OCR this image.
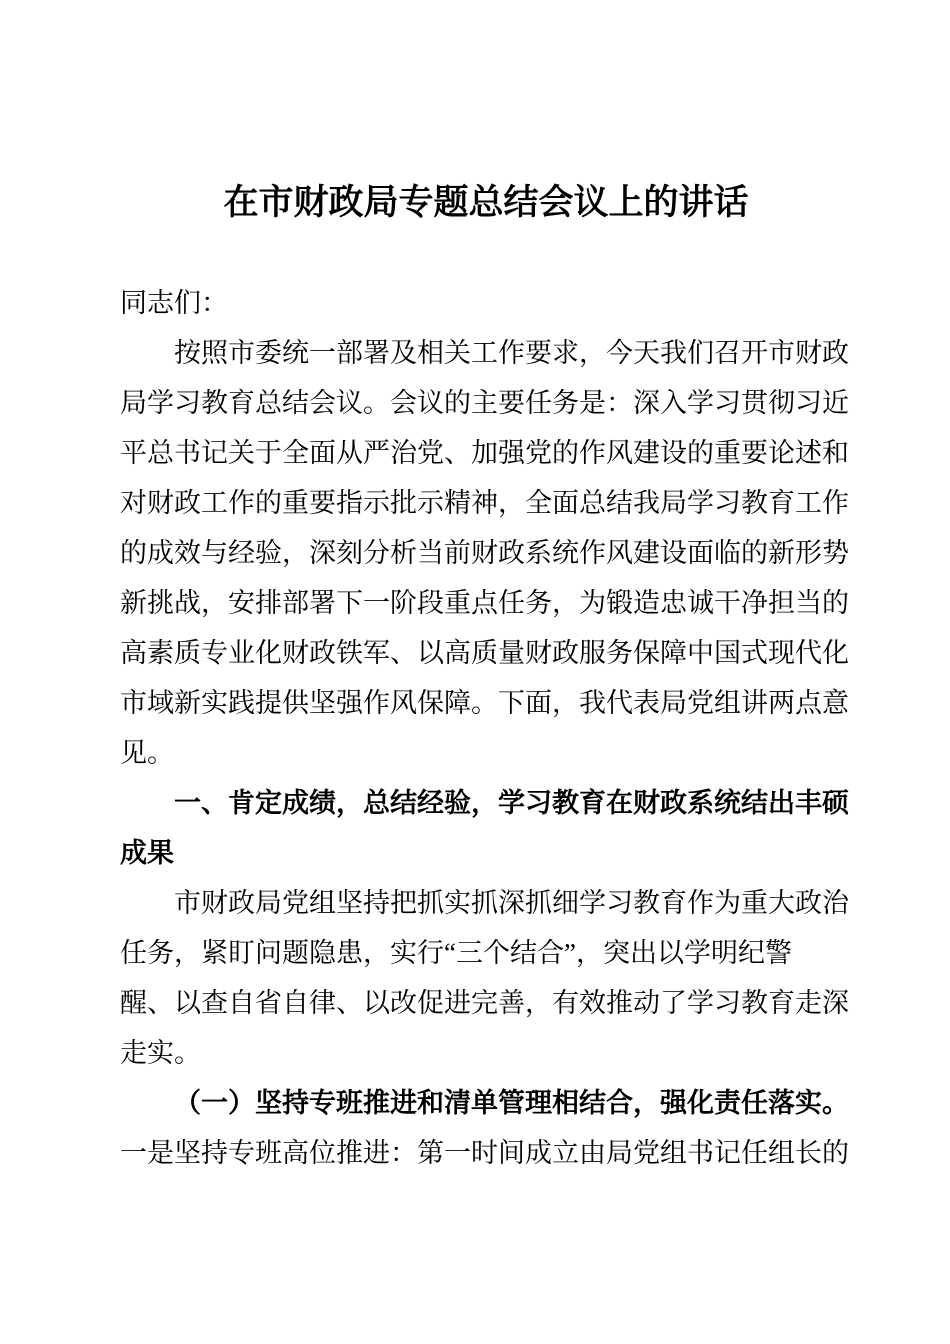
在市财政局专题总结会议上的讲话
同志们：
按照市委统一部署及相关工作要求，今天我们召开市财政
局学习教育总结会议。会议的主要任务是：深入学习贯彻习近
平总书记关于全面从严治党、加强党的作风建设的重要论述和
对财政工作的重要指示批示精神，全面总结我局学习教育工作
的成效与经验，深刻分析当前财政系统作风建设面临的新形势
新挑战，安排部署下一阶段重点任务，为锻造忠诚干净担当的
高素质专业化财政铁军、以高质量财政服务保障中国式现代化
市域新实践提供坚强作风保障。下面，我代表局党组讲两点意
见。
一、肯定成绩，总结经验，学习教育在财政系统结出丰硕
成果
市财政局党组坚持把抓实抓深抓细学习教育作为重大政治
任务，紧盯问题隐患，实行“三个结合”，突出以学明纪警
醒、以查自省自律、以改促进完善，有效推动了学习教育走深
走实。
（一）坚持专班推进和清单管理相结合，强化责任落实。
一是坚持专班高位推进：第一时间成立由局党组书记任组长的
